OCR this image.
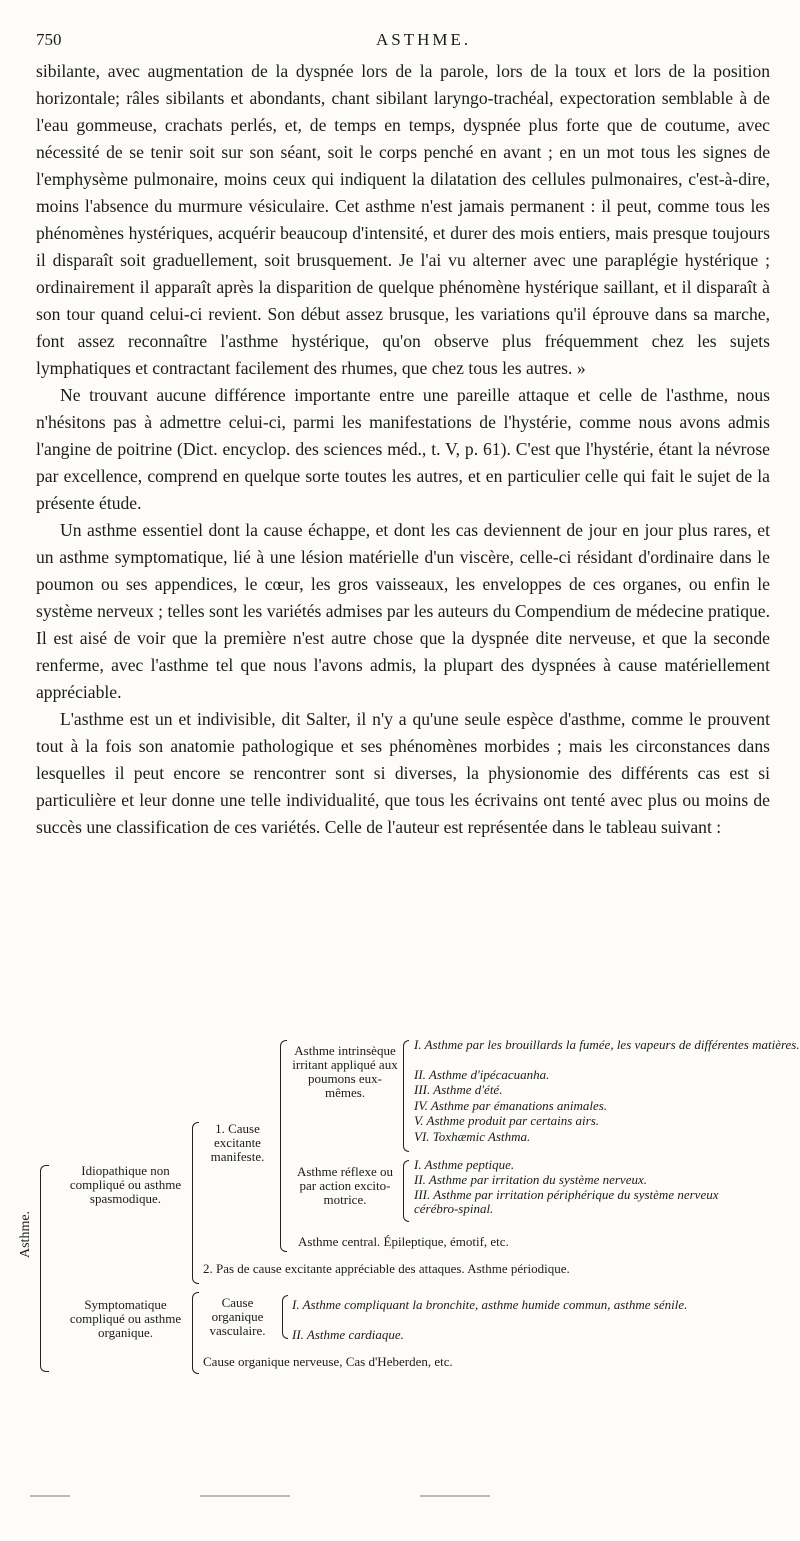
750	ASTHME.

sibilante, avec augmentation de la dyspnée lors de la parole, lors de la toux et lors de la position horizontale; râles sibilants et abondants, chant sibilant laryngo-trachéal, expectoration semblable à de l'eau gommeuse, crachats perlés, et, de temps en temps, dyspnée plus forte que de coutume, avec nécessité de se tenir soit sur son séant, soit le corps penché en avant ; en un mot tous les signes de l'emphysème pulmonaire, moins ceux qui indiquent la dilatation des cellules pulmonaires, c'est-à-dire, moins l'absence du murmure vésiculaire. Cet asthme n'est jamais permanent : il peut, comme tous les phénomènes hystériques, acquérir beaucoup d'intensité, et durer des mois entiers, mais presque toujours il disparaît soit graduellement, soit brusquement. Je l'ai vu alterner avec une paraplégie hystérique ; ordinairement il apparaît après la disparition de quelque phénomène hystérique saillant, et il disparaît à son tour quand celui-ci revient. Son début assez brusque, les variations qu'il éprouve dans sa marche, font assez reconnaître l'asthme hystérique, qu'on observe plus fréquemment chez les sujets lymphatiques et contractant facilement des rhumes, que chez tous les autres. »

Ne trouvant aucune différence importante entre une pareille attaque et celle de l'asthme, nous n'hésitons pas à admettre celui-ci, parmi les manifestations de l'hystérie, comme nous avons admis l'angine de poitrine (Dict. encyclop. des sciences méd., t. V, p. 61). C'est que l'hystérie, étant la névrose par excellence, comprend en quelque sorte toutes les autres, et en particulier celle qui fait le sujet de la présente étude.

Un asthme essentiel dont la cause échappe, et dont les cas deviennent de jour en jour plus rares, et un asthme symptomatique, lié à une lésion matérielle d'un viscère, celle-ci résidant d'ordinaire dans le poumon ou ses appendices, le cœur, les gros vaisseaux, les enveloppes de ces organes, ou enfin le système nerveux ; telles sont les variétés admises par les auteurs du Compendium de médecine pratique. Il est aisé de voir que la première n'est autre chose que la dyspnée dite nerveuse, et que la seconde renferme, avec l'asthme tel que nous l'avons admis, la plupart des dyspnées à cause matériellement appréciable.

L'asthme est un et indivisible, dit Salter, il n'y a qu'une seule espèce d'asthme, comme le prouvent tout à la fois son anatomie pathologique et ses phénomènes morbides ; mais les circonstances dans lesquelles il peut encore se rencontrer sont si diverses, la physionomie des différents cas est si particulière et leur donne une telle individualité, que tous les écrivains ont tenté avec plus ou moins de succès une classification de ces variétés. Celle de l'auteur est représentée dans le tableau suivant :

Asthme.
Idiopathique non compliqué ou asthme spasmodique.
1. Cause excitante manifeste.
Asthme intrinsèque irritant appliqué aux poumons eux-mêmes.
I. Asthme par les brouillards la fumée, les vapeurs de différentes matières.
II. Asthme d'ipécacuanha.
III. Asthme d'été.
IV. Asthme par émanations animales.
V. Asthme produit par certains airs.
VI. Toxhæmic Asthma.
Asthme réflexe ou par action excito-motrice.
I. Asthme peptique.
II. Asthme par irritation du système nerveux.
III. Asthme par irritation périphérique du système nerveux cérébro-spinal.
Asthme central. Épileptique, émotif, etc.
2. Pas de cause excitante appréciable des attaques. Asthme périodique.
Symptomatique compliqué ou asthme organique.
Cause organique vasculaire.
I. Asthme compliquant la bronchite, asthme humide commun, asthme sénile.
II. Asthme cardiaque.
Cause organique nerveuse, Cas d'Heberden, etc.
